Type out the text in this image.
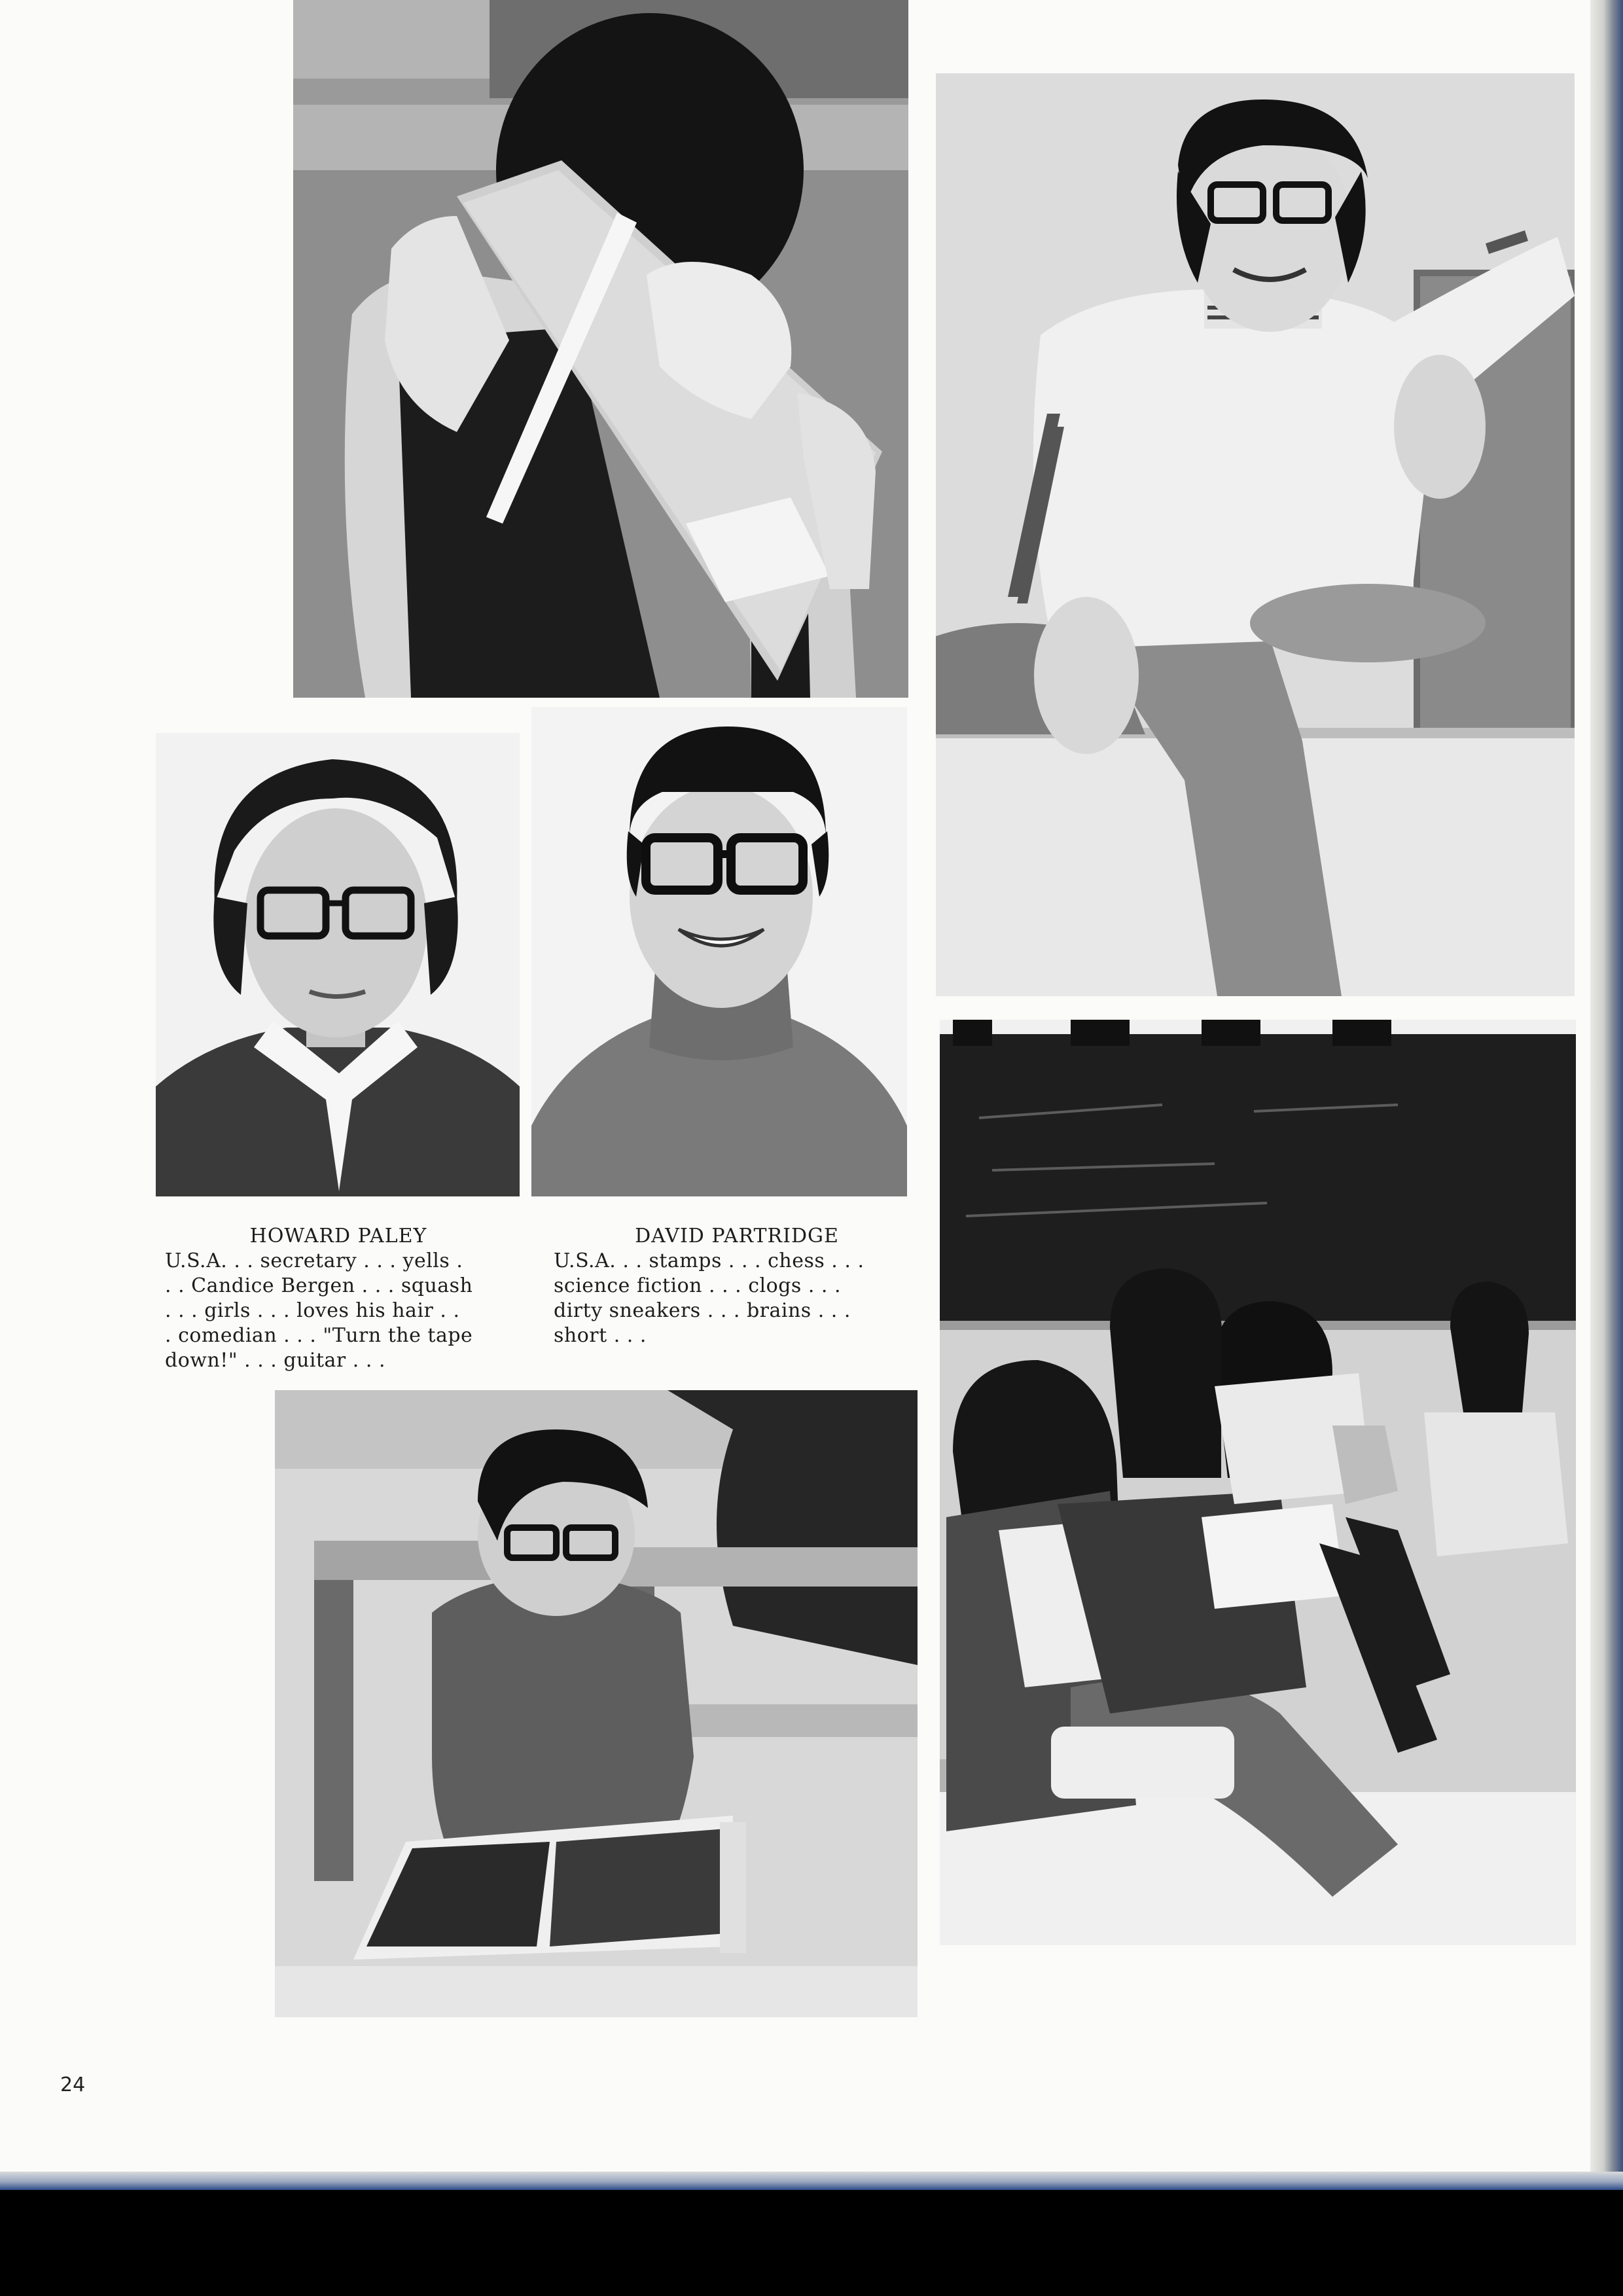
HOWARD PALEY
U.S.A. . . secretary . . . yells .
. . Candice Bergen . . . squash
. . . girls . . . loves his hair . .
. comedian . . . "Turn the tape
down!" . . . guitar . . .
DAVID PARTRIDGE
U.S.A. . . stamps . . . chess . . .
science fiction . . . clogs . . .
dirty sneakers . . . brains . . .
short . . .
24
